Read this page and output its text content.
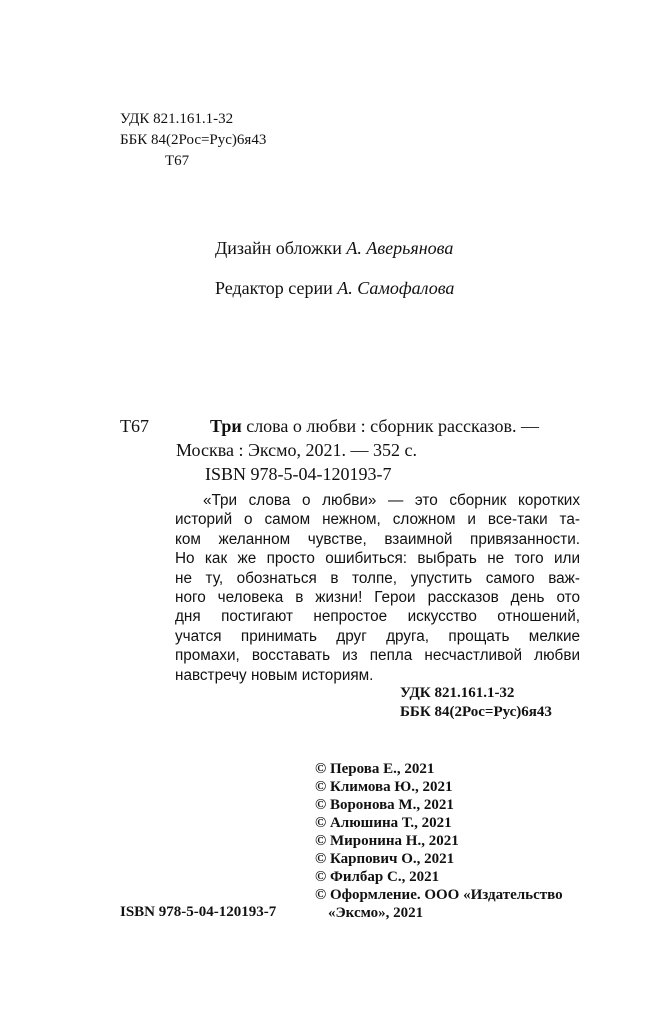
УДК 821.161.1-32
ББК 84(2Рос=Рус)6я43
Т67
Дизайн обложки А. Аверьянова
Редактор серии А. Самофалова
Т67	Три слова о любви : сборник рассказов. —
Москва : Эксмо, 2021. — 352 с.
ISBN 978-5-04-120193-7
«Три слова о любви» — это сборник коротких
историй о самом нежном, сложном и все-таки та-
ком желанном чувстве, взаимной привязанности.
Но как же просто ошибиться: выбрать не того или
не ту, обознаться в толпе, упустить самого важ-
ного человека в жизни! Герои рассказов день ото
дня постигают непростое искусство отношений,
учатся принимать друг друга, прощать мелкие
промахи, восставать из пепла несчастливой любви
навстречу новым историям.
УДК 821.161.1-32
ББК 84(2Рос=Рус)6я43
© Перова Е., 2021
© Климова Ю., 2021
© Воронова М., 2021
© Алюшина Т., 2021
© Миронина Н., 2021
© Карпович О., 2021
© Филбар С., 2021
© Оформление. ООО «Издательство
«Эксмо», 2021
ISBN 978-5-04-120193-7
